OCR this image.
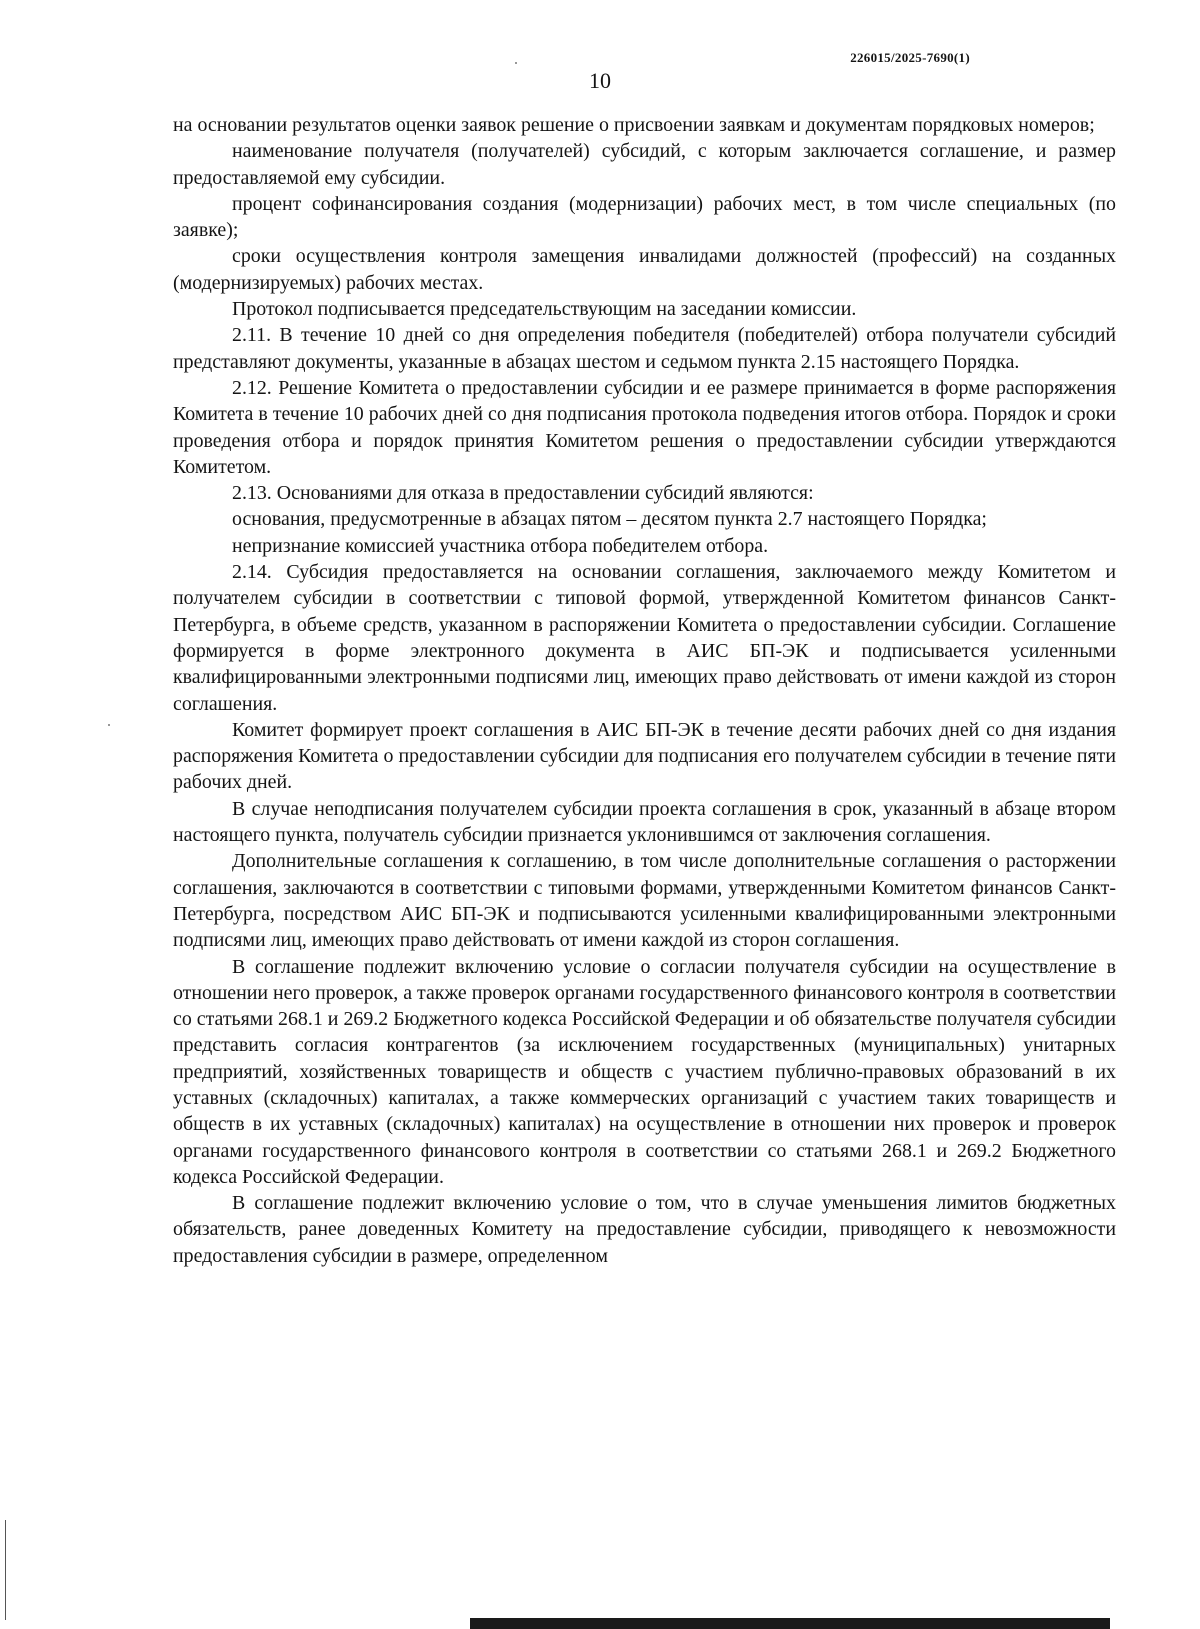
226015/2025-7690(1)
10

на основании результатов оценки заявок решение о присвоении заявкам и документам порядковых номеров;

наименование получателя (получателей) субсидий, с которым заключается соглашение, и размер предоставляемой ему субсидии.

процент софинансирования создания (модернизации) рабочих мест, в том числе специальных (по заявке);

сроки осуществления контроля замещения инвалидами должностей (профессий) на созданных (модернизируемых) рабочих местах.

Протокол подписывается председательствующим на заседании комиссии.

2.11. В течение 10 дней со дня определения победителя (победителей) отбора получатели субсидий представляют документы, указанные в абзацах шестом и седьмом пункта 2.15 настоящего Порядка.

2.12. Решение Комитета о предоставлении субсидии и ее размере принимается в форме распоряжения Комитета в течение 10 рабочих дней со дня подписания протокола подведения итогов отбора. Порядок и сроки проведения отбора и порядок принятия Комитетом решения о предоставлении субсидии утверждаются Комитетом.

2.13. Основаниями для отказа в предоставлении субсидий являются:

основания, предусмотренные в абзацах пятом – десятом пункта 2.7 настоящего Порядка;

непризнание комиссией участника отбора победителем отбора.

2.14. Субсидия предоставляется на основании соглашения, заключаемого между Комитетом и получателем субсидии в соответствии с типовой формой, утвержденной Комитетом финансов Санкт-Петербурга, в объеме средств, указанном в распоряжении Комитета о предоставлении субсидии. Соглашение формируется в форме электронного документа в АИС БП-ЭК и подписывается усиленными квалифицированными электронными подписями лиц, имеющих право действовать от имени каждой из сторон соглашения.

Комитет формирует проект соглашения в АИС БП-ЭК в течение десяти рабочих дней со дня издания распоряжения Комитета о предоставлении субсидии для подписания его получателем субсидии в течение пяти рабочих дней.

В случае неподписания получателем субсидии проекта соглашения в срок, указанный в абзаце втором настоящего пункта, получатель субсидии признается уклонившимся от заключения соглашения.

Дополнительные соглашения к соглашению, в том числе дополнительные соглашения о расторжении соглашения, заключаются в соответствии с типовыми формами, утвержденными Комитетом финансов Санкт-Петербурга, посредством АИС БП-ЭК и подписываются усиленными квалифицированными электронными подписями лиц, имеющих право действовать от имени каждой из сторон соглашения.

В соглашение подлежит включению условие о согласии получателя субсидии на осуществление в отношении него проверок, а также проверок органами государственного финансового контроля в соответствии со статьями 268.1 и 269.2 Бюджетного кодекса Российской Федерации и об обязательстве получателя субсидии представить согласия контрагентов (за исключением государственных (муниципальных) унитарных предприятий, хозяйственных товариществ и обществ с участием публично-правовых образований в их уставных (складочных) капиталах, а также коммерческих организаций с участием таких товариществ и обществ в их уставных (складочных) капиталах) на осуществление в отношении них проверок и проверок органами государственного финансового контроля в соответствии со статьями 268.1 и 269.2 Бюджетного кодекса Российской Федерации.

В соглашение подлежит включению условие о том, что в случае уменьшения лимитов бюджетных обязательств, ранее доведенных Комитету на предоставление субсидии, приводящего к невозможности предоставления субсидии в размере, определенном
